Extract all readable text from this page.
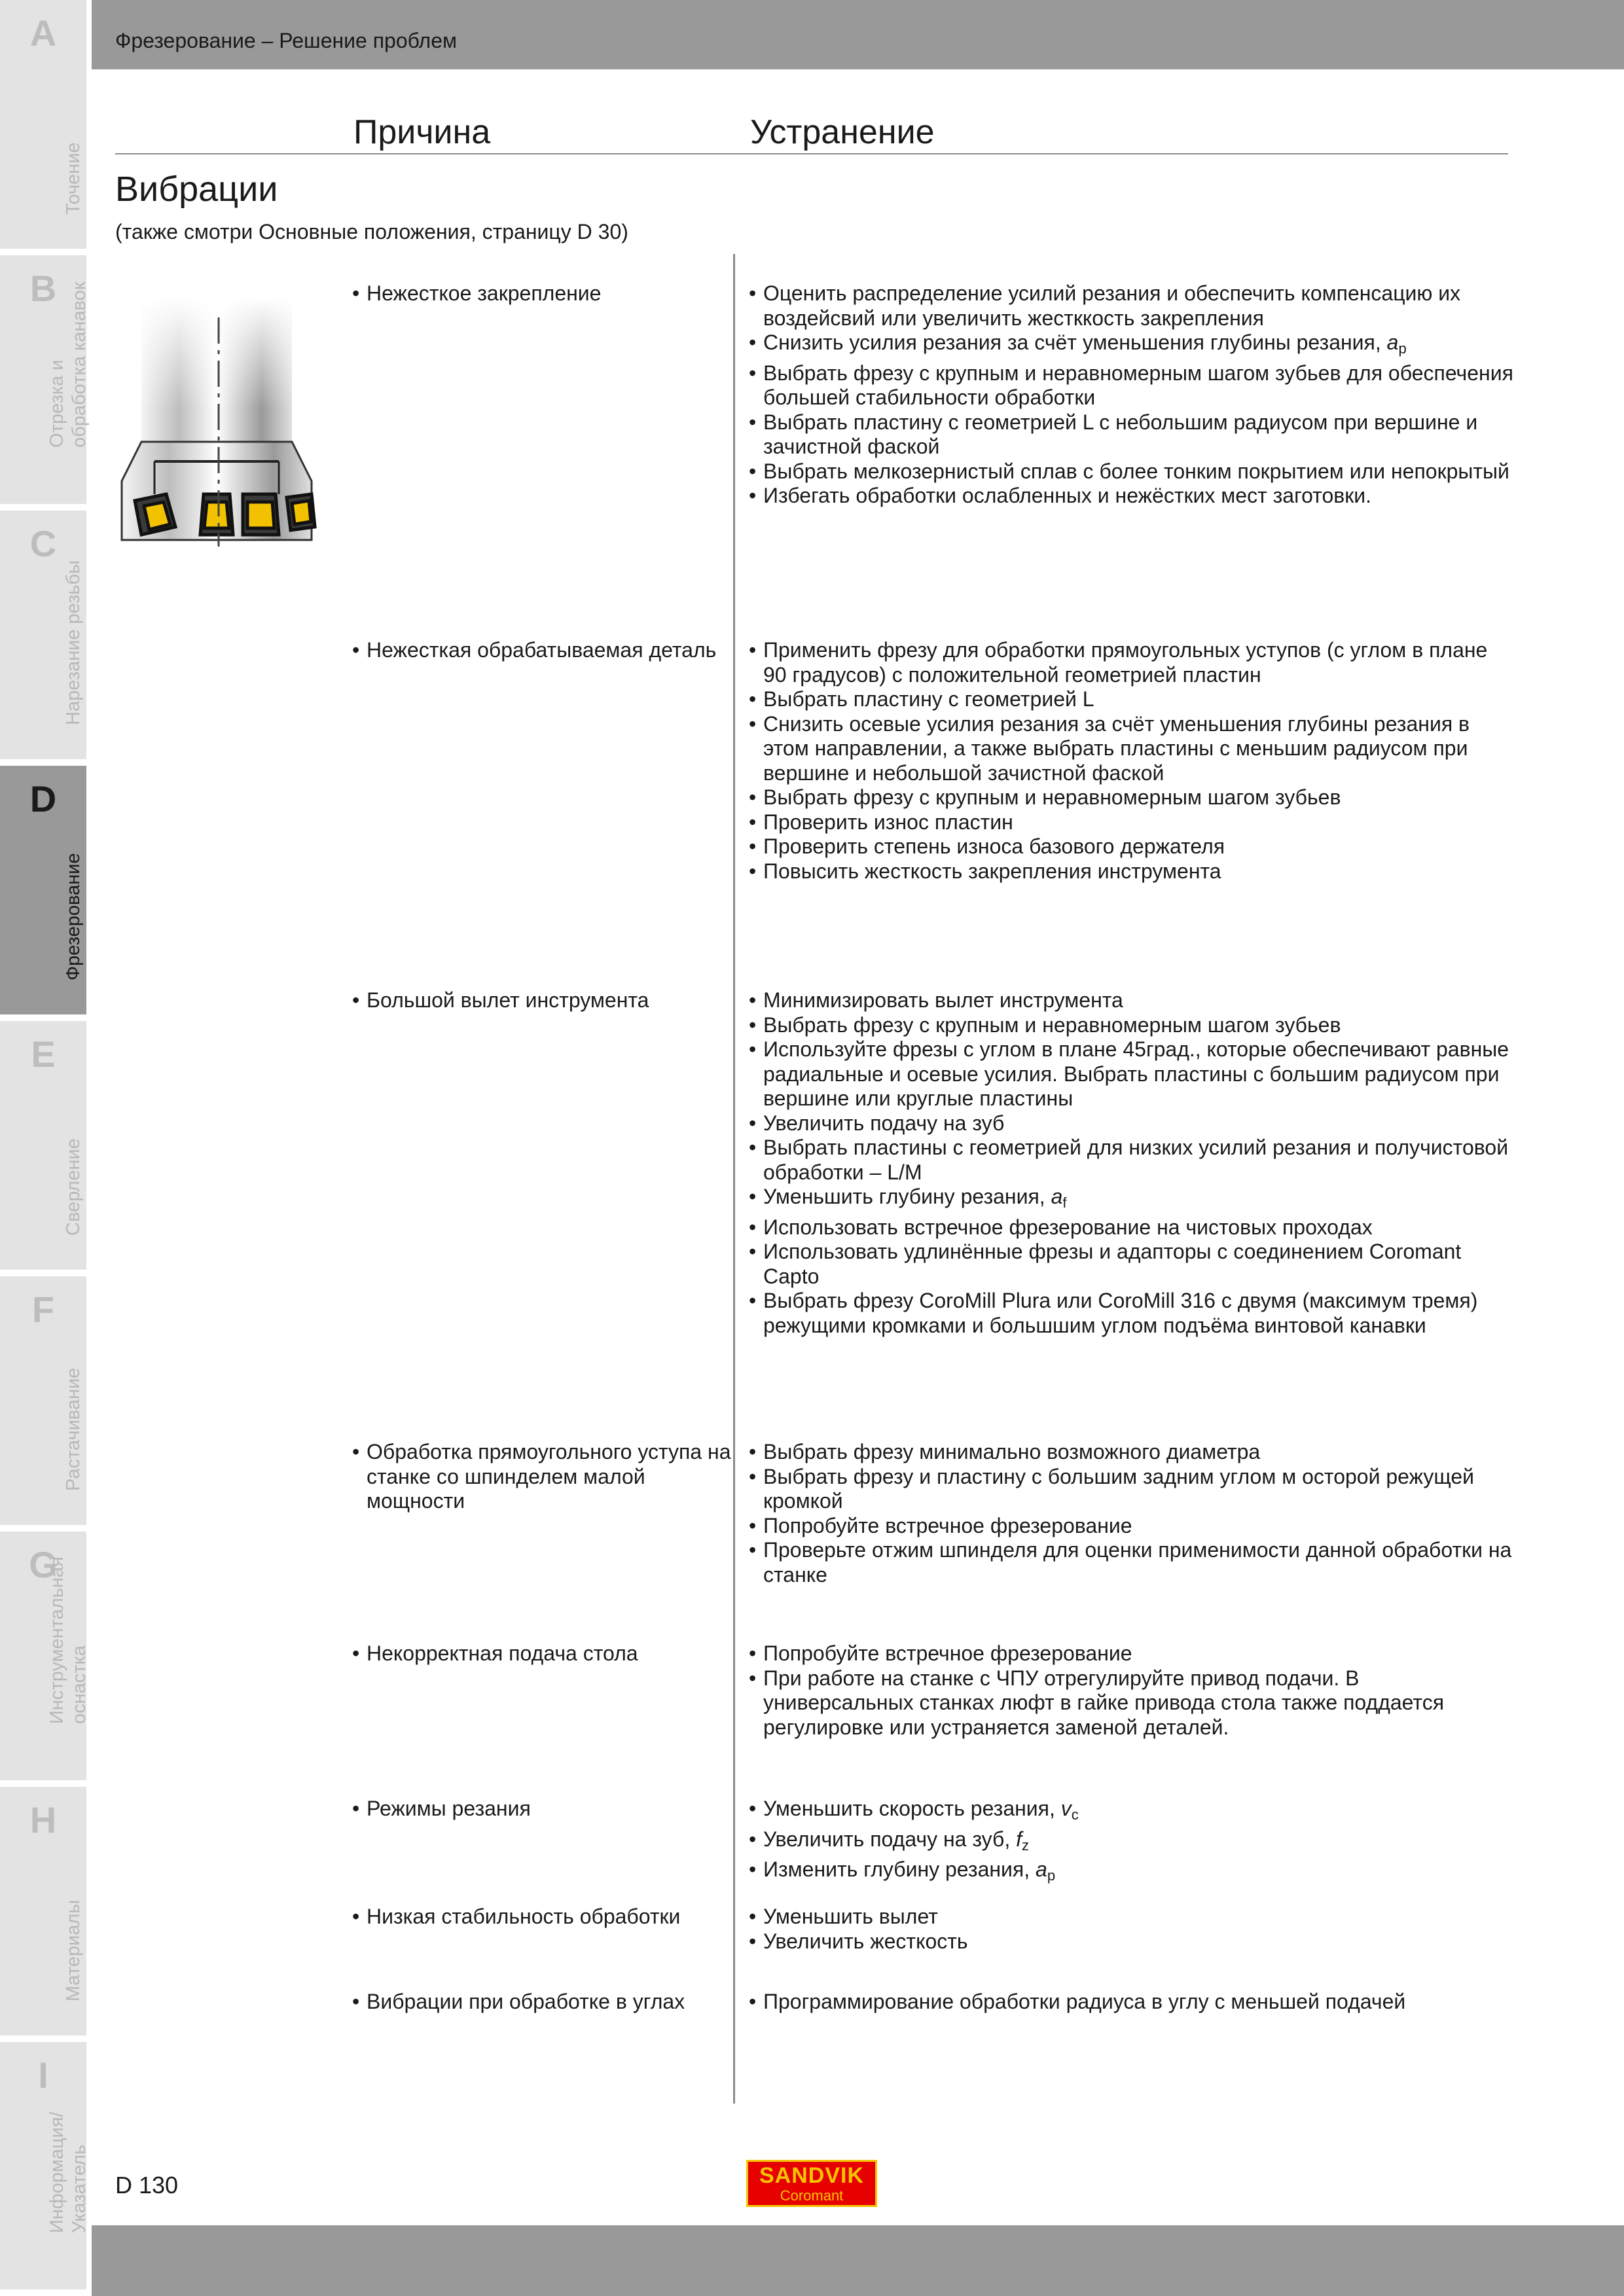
A
Точение
B
Отрезка и
обработка канавок
C
Нарезание резьбы
D
Фрезерование
E
Сверление
F
Растачивание
G
Инструментальная
оснастка
H
Материалы
I
Информация/
Указатель
Фрезерование – Решение проблем
Причина	Устранение
Вибрации
(также смотри Основные положения, страницу D 30)
• Нежесткое закрепление	• Оценить распределение усилий резания и обеспечить компенсацию их воздейсвий или увеличить жестккость закрепления
• Снизить усилия резания за счёт уменьшения глубины резания, $a_p$
• Выбрать фрезу с крупным и неравномерным шагом зубьев для обеспечения большей стабильности обработки
• Выбрать пластину с геометрией L с небольшим радиусом при вершине и зачистной фаской
• Выбрать мелкозернистый сплав с более тонким покрытием или непокрытый
• Избегать обработки ослабленных и нежёстких мест заготовки.
• Нежесткая обрабатываемая деталь	• Применить фрезу для обработки прямоугольных уступов (с углом в плане 90 градусов) с положительной геометрией пластин
• Выбрать пластину с геометрией L
• Снизить осевые усилия резания за счёт уменьшения глубины резания в этом направлении, а также выбрать пластины с меньшим радиусом при вершине и небольшой зачистной фаской
• Выбрать фрезу с крупным и неравномерным шагом зубьев
• Проверить износ пластин
• Проверить степень износа базового держателя
• Повысить жесткость закрепления инструмента
• Большой вылет инструмента	• Минимизировать вылет инструмента
• Выбрать фрезу с крупным и неравномерным шагом зубьев
• Используйте фрезы с углом в плане 45град., которые обеспечивают равные радиальные и осевые усилия. Выбрать пластины с большим радиусом при вершине или круглые пластины
• Увеличить подачу на зуб
• Выбрать пластины с геометрией для низких усилий резания и получистовой обработки – L/M
• Уменьшить глубину резания, $a_f$
• Использовать встречное фрезерование на чистовых проходах
• Использовать удлинённые фрезы и адапторы с соединением Coromant Capto
• Выбрать фрезу CoroMill Plura или CoroMill 316 с двумя (максимум тремя) режущими кромками и большшим углом подъёма винтовой канавки
• Обработка прямоугольного уступа на станке со шпинделем малой мощности
• Выбрать фрезу минимально возможного диаметра
• Выбрать фрезу и пластину с большим задним углом м осторой режущей кромкой
• Попробуйте встречное фрезерование
• Проверьте отжим шпинделя для оценки применимости данной обработки на станке
• Некорректная подача стола	• Попробуйте встречное фрезерование
• При работе на станке с ЧПУ отрегулируйте привод подачи. В универсальных станках люфт в гайке привода стола также поддается регулировке или устраняется заменой деталей.
• Режимы резания	• Уменьшить скорость резания, $v_c$
• Увеличить подачу на зуб, $f_z$
• Изменить глубину резания, $a_p$
• Низкая стабильность обработки	• Уменьшить вылет
• Увеличить жесткость
• Вибрации при обработке в углах	• Программирование обработки радиуса в углу с меньшей подачей
D 130	SANDVIK
Coromant
